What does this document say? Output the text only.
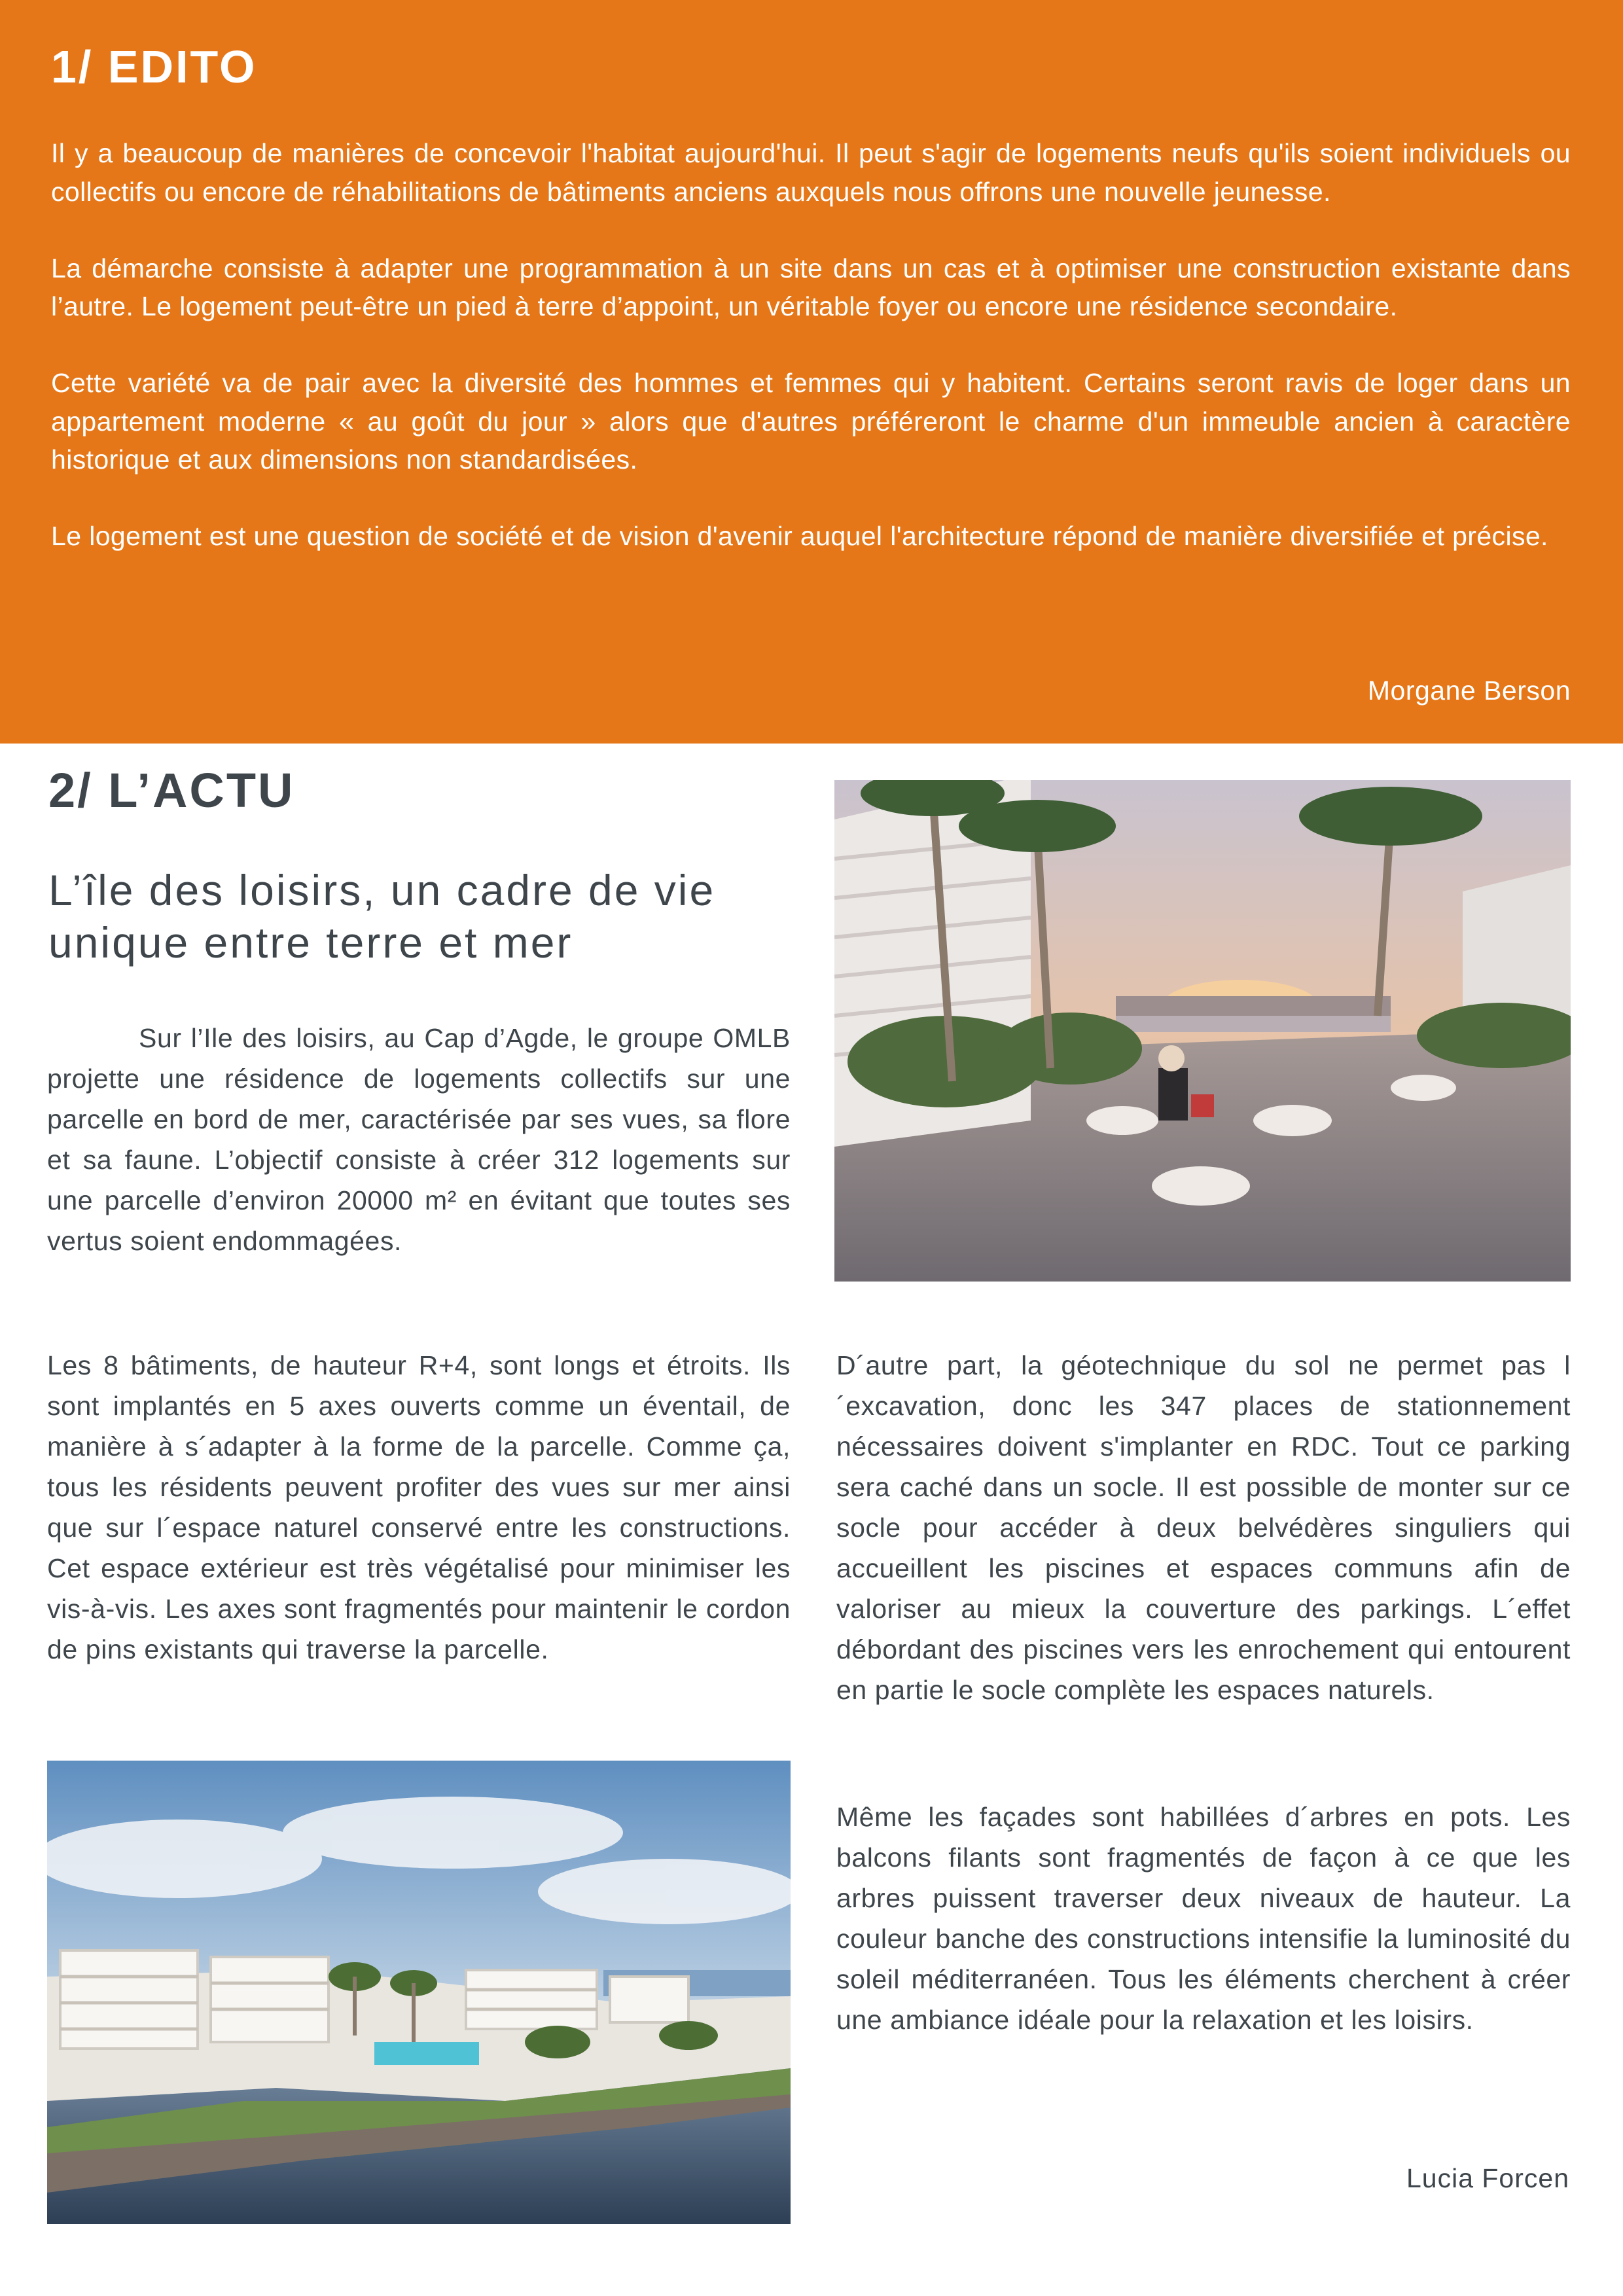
1/ EDITO

Il y a beaucoup de manières de concevoir l'habitat aujourd'hui. Il peut s'agir de logements neufs qu'ils soient individuels ou collectifs ou encore de réhabilitations de bâtiments anciens auxquels nous offrons une nouvelle jeunesse.

La démarche consiste à adapter une programmation à un site dans un cas et à optimiser une construction existante dans l’autre. Le logement peut-être un pied à terre d’appoint, un véritable foyer ou encore une résidence secondaire.

Cette variété va de pair avec la diversité des hommes et femmes qui y habitent. Certains seront ravis de loger dans un appartement moderne « au goût du jour » alors que d'autres préféreront le charme d'un immeuble ancien à caractère historique et aux dimensions non standardisées.

Le logement est une question de société et de vision d'avenir auquel l'architecture répond de manière diversifiée et précise.

Morgane Berson
2/ L’ACTU
L’île des loisirs, un cadre de vie unique entre terre et mer

Sur l’Ile des loisirs, au Cap d’Agde, le groupe OMLB projette une résidence de logements collectifs sur une parcelle en bord de mer, caractérisée par ses vues, sa flore et sa faune. L’objectif consiste à créer 312 logements sur une parcelle d’environ 20000 m² en évitant que toutes ses vertus soient endommagées.

Les 8 bâtiments, de hauteur R+4, sont longs et étroits. Ils sont implantés en 5 axes ouverts comme un éventail, de manière à s´adapter à la forme de la parcelle. Comme ça, tous les résidents peuvent profiter des vues sur mer ainsi que sur l´espace naturel conservé entre les constructions. Cet espace extérieur est très végétalisé pour minimiser les vis-à-vis. Les axes sont fragmentés pour maintenir le cordon de pins existants qui traverse la parcelle.

D´autre part, la géotechnique du sol ne permet pas l´excavation, donc les 347 places de stationnement nécessaires doivent s'implanter en RDC. Tout ce parking sera caché dans un socle. Il est possible de monter sur ce socle pour accéder à deux belvédères singuliers qui accueillent les piscines et espaces communs afin de valoriser au mieux la couverture des parkings. L´effet débordant des piscines vers les enrochement qui entourent en partie le socle complète les espaces naturels.

Même les façades sont habillées d´arbres en pots. Les balcons filants sont fragmentés de façon à ce que les arbres puissent traverser deux niveaux de hauteur. La couleur banche des constructions intensifie la luminosité du soleil méditerranéen. Tous les éléments cherchent à créer une ambiance idéale pour la relaxation et les loisirs.

Lucia Forcen
